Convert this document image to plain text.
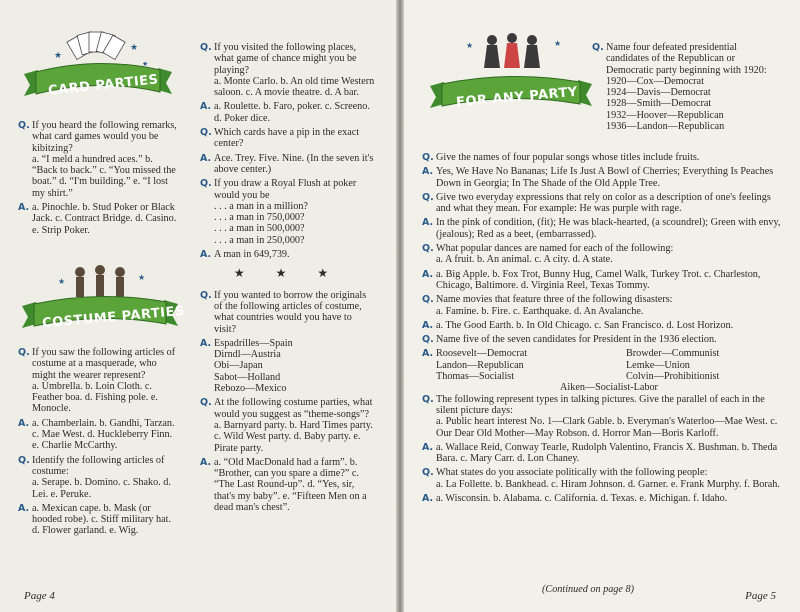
★
★
★
CARD PARTIES
Q. If you heard the following remarks, what card games would you be kibitzing?
a. “I meld a hundred aces.” b. “Back to back.” c. “You missed the boat.” d. “I'm building.” e. “I lost my shirt.”
A. a. Pinochle. b. Stud Poker or Black Jack. c. Contract Bridge. d. Casino. e. Strip Poker.
★	★
COSTUME PARTIES
Q. If you saw the following articles of costume at a masquerade, who might the wearer represent?
a. Umbrella. b. Loin Cloth. c. Feather boa. d. Fishing pole. e. Monocle.
A. a. Chamberlain. b. Gandhi, Tarzan. c. Mae West. d. Huckleberry Finn. e. Charlie McCarthy.
Q. Identify the following articles of costume:
a. Serape. b. Domino. c. Shako. d. Lei. e. Peruke.
A. a. Mexican cape. b. Mask (or hooded robe). c. Stiff military hat. d. Flower garland. e. Wig.
Q. If you visited the following places, what game of chance might you be playing?
a. Monte Carlo. b. An old time Western saloon. c. A movie theatre. d. A bar.
A. a. Roulette. b. Faro, poker. c. Screeno. d. Poker dice.
Q. Which cards have a pip in the exact center?
A. Ace. Trey. Five. Nine. (In the seven it's above center.)
Q. If you draw a Royal Flush at poker would you be
. . . a man in a million?
. . . a man in 750,000?
. . . a man in 500,000?
. . . a man in 250,000?
A. A man in 649,739.
★ ★ ★
Q. If you wanted to borrow the originals of the following articles of costume, what countries would you have to visit?
A. Espadrilles—Spain
Dirndl—Austria
Obi—Japan
Sabot—Holland
Rebozo—Mexico
Q. At the following costume parties, what would you suggest as “theme-songs”?
a. Barnyard party. b. Hard Times party. c. Wild West party. d. Baby party. e. Pirate party.
A. a. “Old MacDonald had a farm”. b. “Brother, can you spare a dime?” c. “The Last Round-up”. d. “Yes, sir, that's my baby”. e. “Fifteen Men on a dead man's chest”.
Page 4
★	★
FOR ANY PARTY
Q. Name four defeated presidential candidates of the Republican or Democratic party beginning with 1920:
1920—Cox—Democrat
1924—Davis—Democrat
1928—Smith—Democrat
1932—Hoover—Republican
1936—Landon—Republican
Q. Give the names of four popular songs whose titles include fruits.
A. Yes, We Have No Bananas; Life Is Just A Bowl of Cherries; Everything Is Peaches Down in Georgia; In The Shade of the Old Apple Tree.
Q. Give two everyday expressions that rely on color as a description of one's feelings and what they mean. For example: He was purple with rage.
A. In the pink of condition, (fit); He was black-hearted, (a scoundrel); Green with envy, (jealous); Red as a beet, (embarrassed).
Q. What popular dances are named for each of the following:
a. A fruit. b. An animal. c. A city. d. A state.
A. a. Big Apple. b. Fox Trot, Bunny Hug, Camel Walk, Turkey Trot. c. Charleston, Chicago, Baltimore. d. Virginia Reel, Texas Tommy.
Q. Name movies that feature three of the following disasters:
a. Famine. b. Fire. c. Earthquake. d. An Avalanche.
A. a. The Good Earth. b. In Old Chicago. c. San Francisco. d. Lost Horizon.
Q. Name five of the seven candidates for President in the 1936 election.
A. Roosevelt—Democrat	Browder—Communist
Landon—Republican	Lemke—Union
Thomas—Socialist	Colvin—Prohibitionist
Aiken—Socialist-Labor
Q. The following represent types in talking pictures. Give the parallel of each in the silent picture days:
a. Public heart interest No. 1—Clark Gable. b. Everyman's Waterloo—Mae West. c. Our Dear Old Mother—May Robson. d. Horror Man—Boris Karloff.
A. a. Wallace Reid, Conway Tearle, Rudolph Valentino, Francis X. Bushman. b. Theda Bara. c. Mary Carr. d. Lon Chaney.
Q. What states do you associate politically with the following people:
a. La Follette. b. Bankhead. c. Hiram Johnson. d. Garner. e. Frank Murphy. f. Borah.
A. a. Wisconsin. b. Alabama. c. California. d. Texas. e. Michigan. f. Idaho.
(Continued on page 8)
Page 5
